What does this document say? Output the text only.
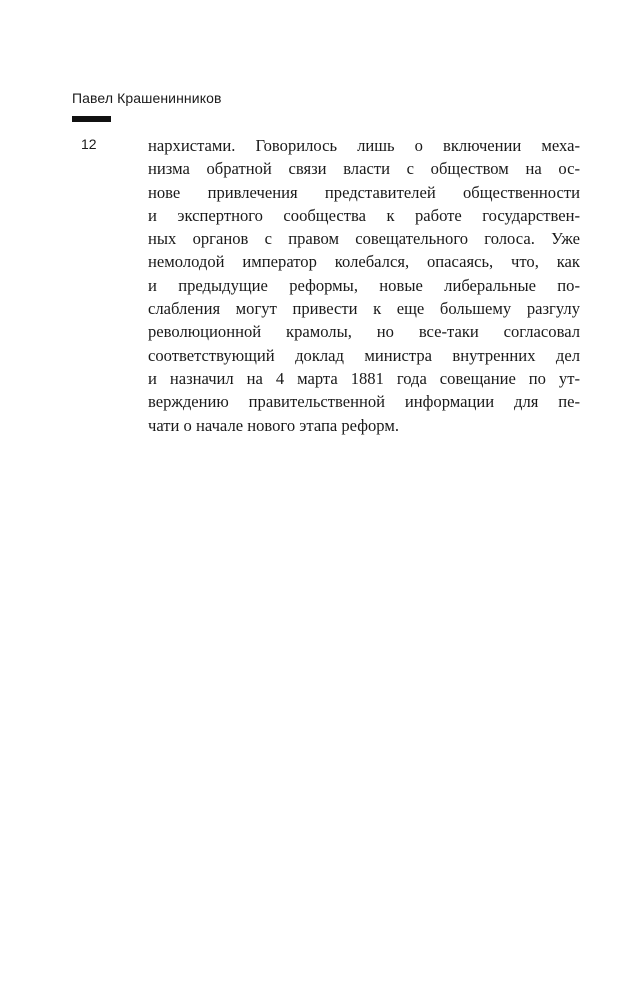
Павел Крашенинников
12	нархистами. Говорилось лишь о включении меха-
низма обратной связи власти с обществом на ос-
нове привлечения представителей общественности
и экспертного сообщества к работе государствен-
ных органов с правом совещательного голоса. Уже
немолодой император колебался, опасаясь, что, как
и предыдущие реформы, новые либеральные по-
слабления могут привести к еще большему разгулу
революционной крамолы, но все-таки согласовал
соответствующий доклад министра внутренних дел
и назначил на 4 марта 1881 года совещание по ут-
верждению правительственной информации для пе-
чати о начале нового этапа реформ.
